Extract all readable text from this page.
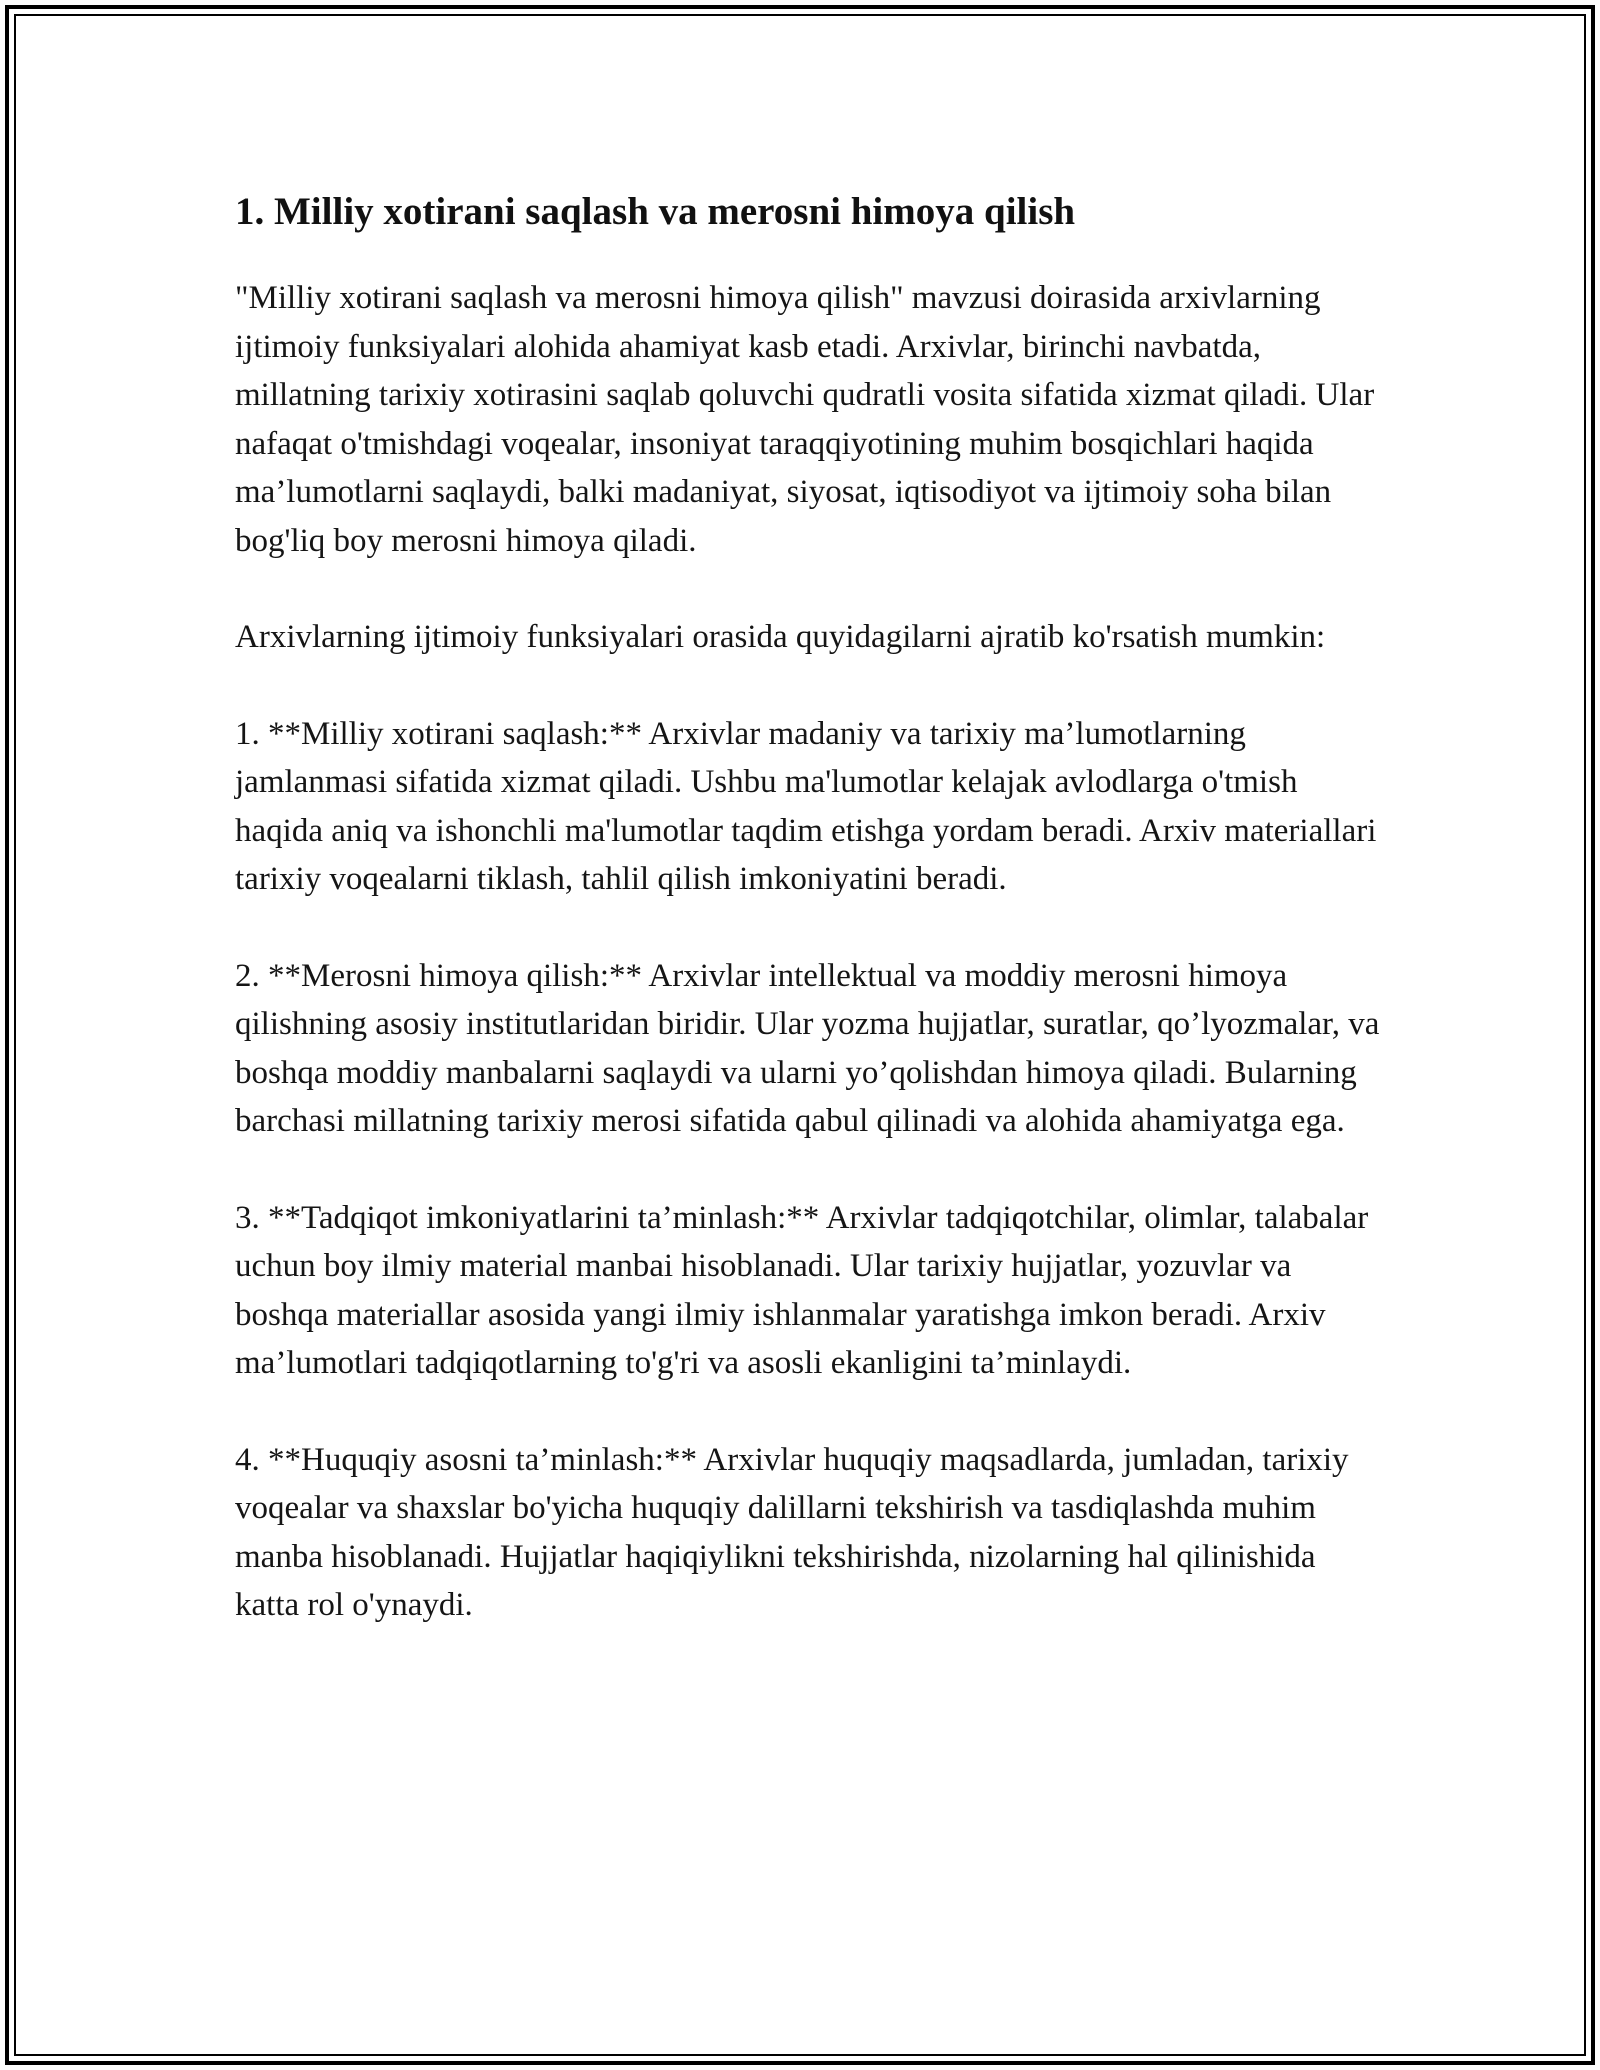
1. Milliy xotirani saqlash va merosni himoya qilish

"Milliy xotirani saqlash va merosni himoya qilish" mavzusi doirasida arxivlarning ijtimoiy funksiyalari alohida ahamiyat kasb etadi. Arxivlar, birinchi navbatda, millatning tarixiy xotirasini saqlab qoluvchi qudratli vosita sifatida xizmat qiladi. Ular nafaqat o'tmishdagi voqealar, insoniyat taraqqiyotining muhim bosqichlari haqida ma’lumotlarni saqlaydi, balki madaniyat, siyosat, iqtisodiyot va ijtimoiy soha bilan bog'liq boy merosni himoya qiladi.

Arxivlarning ijtimoiy funksiyalari orasida quyidagilarni ajratib ko'rsatish mumkin:

1. **Milliy xotirani saqlash:** Arxivlar madaniy va tarixiy ma’lumotlarning jamlanmasi sifatida xizmat qiladi. Ushbu ma'lumotlar kelajak avlodlarga o'tmish haqida aniq va ishonchli ma'lumotlar taqdim etishga yordam beradi. Arxiv materiallari tarixiy voqealarni tiklash, tahlil qilish imkoniyatini beradi.

2. **Merosni himoya qilish:** Arxivlar intellektual va moddiy merosni himoya qilishning asosiy institutlaridan biridir. Ular yozma hujjatlar, suratlar, qo’lyozmalar, va boshqa moddiy manbalarni saqlaydi va ularni yo’qolishdan himoya qiladi. Bularning barchasi millatning tarixiy merosi sifatida qabul qilinadi va alohida ahamiyatga ega.

3. **Tadqiqot imkoniyatlarini ta’minlash:** Arxivlar tadqiqotchilar, olimlar, talabalar uchun boy ilmiy material manbai hisoblanadi. Ular tarixiy hujjatlar, yozuvlar va boshqa materiallar asosida yangi ilmiy ishlanmalar yaratishga imkon beradi. Arxiv ma’lumotlari tadqiqotlarning to'g'ri va asosli ekanligini ta’minlaydi.

4. **Huquqiy asosni ta’minlash:** Arxivlar huquqiy maqsadlarda, jumladan, tarixiy voqealar va shaxslar bo'yicha huquqiy dalillarni tekshirish va tasdiqlashda muhim manba hisoblanadi. Hujjatlar haqiqiylikni tekshirishda, nizolarning hal qilinishida katta rol o'ynaydi.
